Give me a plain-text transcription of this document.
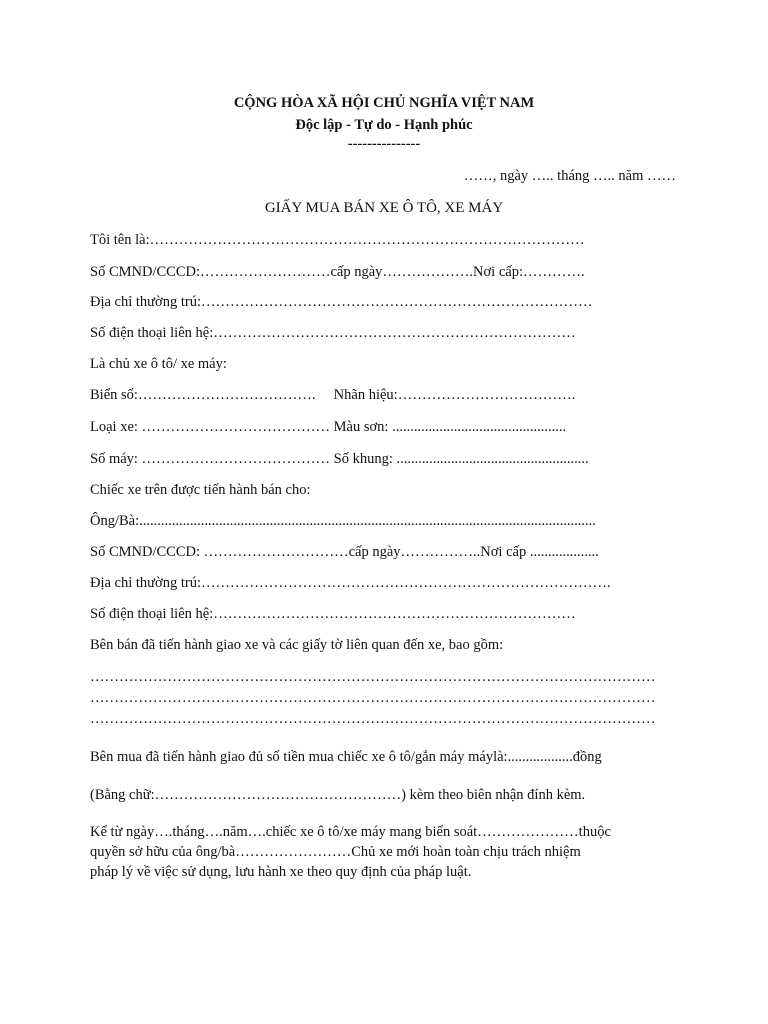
CỘNG HÒA XÃ HỘI CHỦ NGHĨA VIỆT NAM
Độc lập - Tự do - Hạnh phúc
---------------
……, ngày ….. tháng ….. năm ……
GIẤY MUA BÁN XE Ô TÔ, XE MÁY
Tôi tên là:………………………………………………………………………………
Số CMND/CCCD:………………………cấp ngày……………….Nơi cấp:………….
Địa chỉ thường trú:………………………………………………………………………
Số điện thoại liên hệ:…………………………………………………………………
Là chủ xe ô tô/ xe máy:
Biển số:……………………………….     Nhãn hiệu:……………………………….
Loại xe: ………………………………… Màu sơn: ................................................
Số máy: ………………………………… Số khung: .....................................................
Chiếc xe trên được tiến hành bán cho:
Ông/Bà:..............................................................................................................................
Số CMND/CCCD: …………………………cấp ngày……………..Nơi cấp ...................
Địa chỉ thường trú:………………………………………………………………………….
Số điện thoại liên hệ:…………………………………………………………………
Bên bán đã tiến hành giao xe và các giấy tờ liên quan đến xe, bao gồm:
………………………………………………………………………………………………………
………………………………………………………………………………………………………
………………………………………………………………………………………………………
Bên mua đã tiến hành giao đủ số tiền mua chiếc xe ô tô/gắn máy máylà:..................đồng
(Bằng chữ:……………………………………………) kèm theo biên nhận đính kèm.
Kể từ ngày….tháng….năm….chiếc xe ô tô/xe máy mang biển soát…………………thuộc
quyền sở hữu của ông/bà……………………Chủ xe mới hoàn toàn chịu trách nhiệm
pháp lý về việc sử dụng, lưu hành xe theo quy định của pháp luật.
